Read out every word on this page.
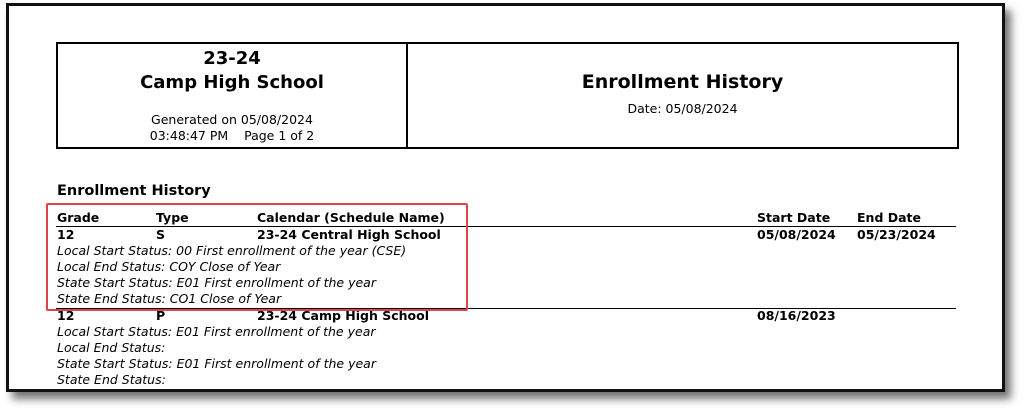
23-24
Camp High School
Generated on 05/08/2024
03:48:47 PM Page 1 of 2
Enrollment History
Date: 05/08/2024
Enrollment History
Grade	Type	Calendar (Schedule Name)	Start Date End Date
12	S	23-24 Central High School	05/08/2024 05/23/2024
Local Start Status: 00 First enrollment of the year (CSE)
Local End Status: COY Close of Year
State Start Status: E01 First enrollment of the year
State End Status: CO1 Close of Year
12	P	23-24 Camp High School	08/16/2023
Local Start Status: E01 First enrollment of the year
Local End Status:
State Start Status: E01 First enrollment of the year
State End Status:
